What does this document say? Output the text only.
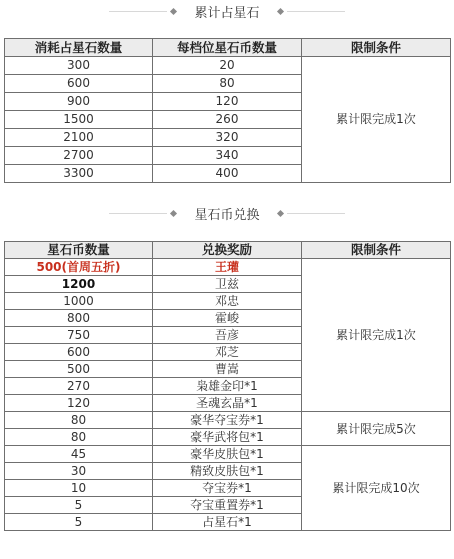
累计占星石
消耗占星石数量	每档位星石币数量	限制条件
300	20	累计限完成1次
600	80	
900	120	
1500	260	
2100	320	
2700	340	
3300	400	
星石币兑换
星石币数量	兑换奖励	限制条件
500(首周五折)	王瓘	累计限完成1次
1200	卫兹	
1000	邓忠	
800	霍峻	
750	吾彦	
600	邓芝	
500	曹嵩	
270	枭雄金印*1	
120	圣魂玄晶*1	
80	豪华夺宝券*1	累计限完成5次
80	豪华武将包*1	
45	豪华皮肤包*1	累计限完成10次
30	精致皮肤包*1	
10	夺宝券*1	
5	夺宝重置券*1	
5	占星石*1	
